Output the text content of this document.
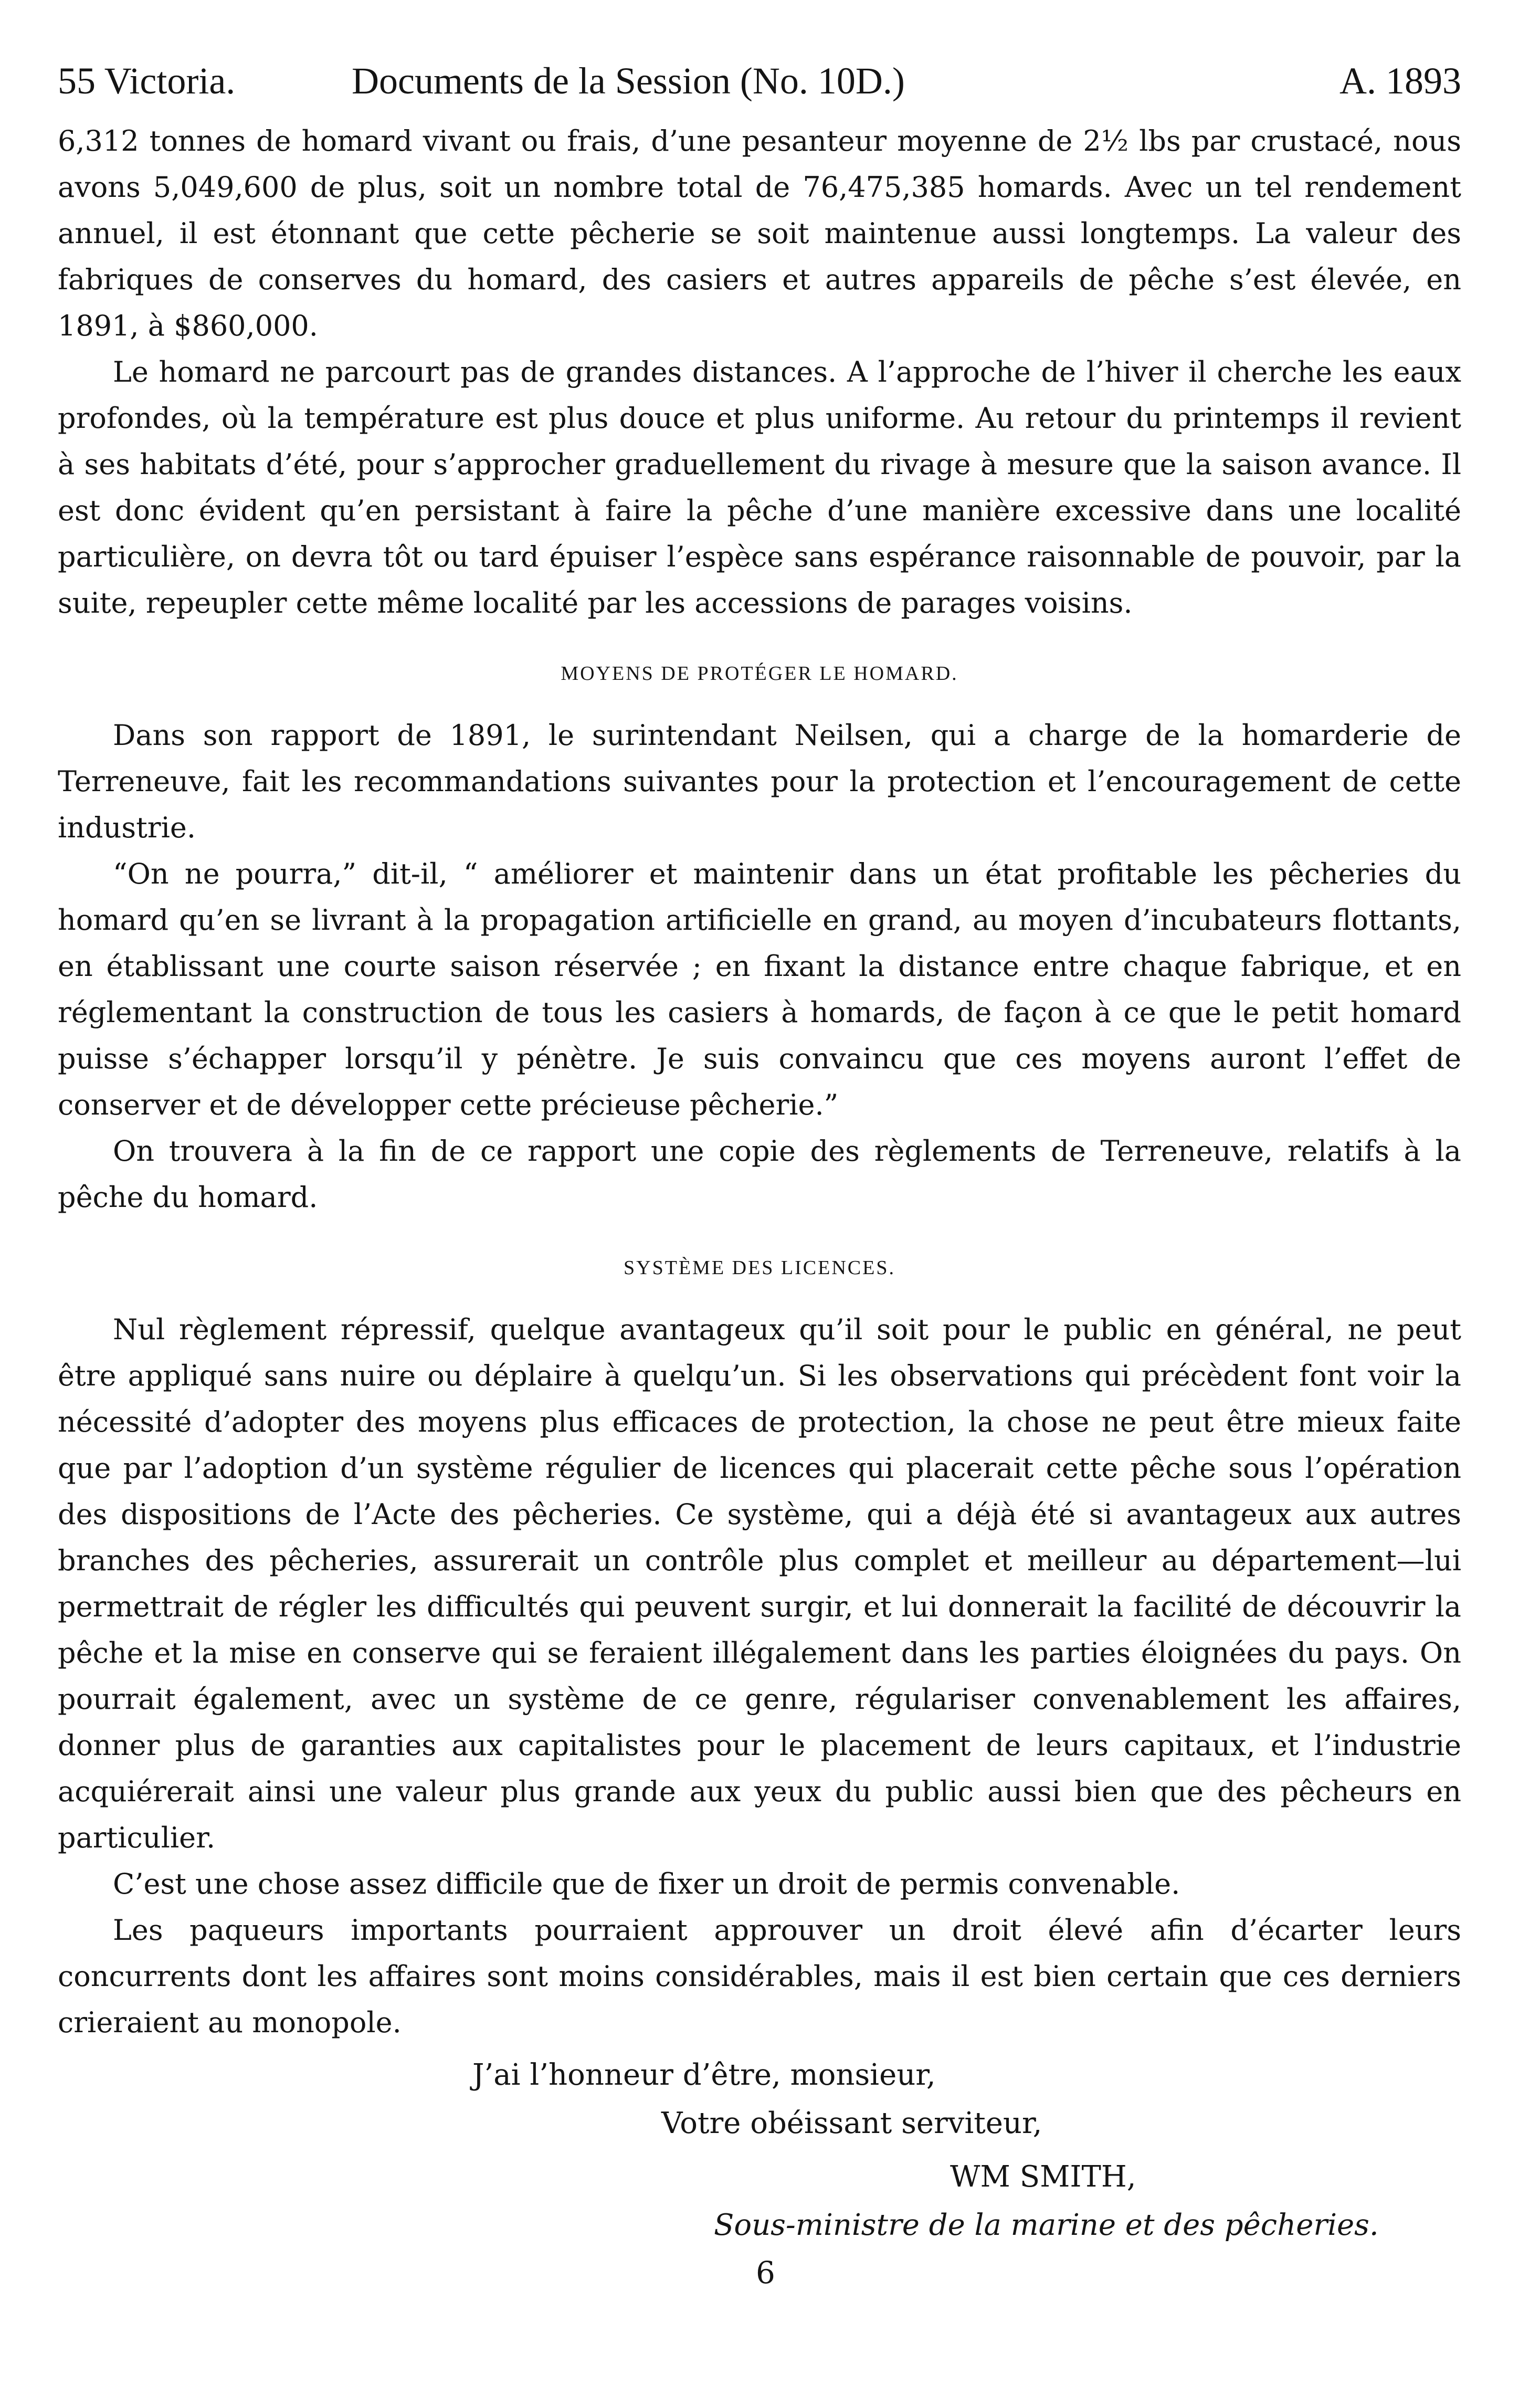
55 Victoria.	Documents de la Session (No. 10D.)	A. 1893

6,312 tonnes de homard vivant ou frais, d’une pesanteur moyenne de 2½ lbs par crustacé, nous avons 5,049,600 de plus, soit un nombre total de 76,475,385 homards. Avec un tel rendement annuel, il est étonnant que cette pêcherie se soit maintenue aussi longtemps. La valeur des fabriques de conserves du homard, des casiers et autres appareils de pêche s’est élevée, en 1891, à $860,000.

Le homard ne parcourt pas de grandes distances. A l’approche de l’hiver il cherche les eaux profondes, où la température est plus douce et plus uniforme. Au retour du printemps il revient à ses habitats d’été, pour s’approcher graduellement du rivage à mesure que la saison avance. Il est donc évident qu’en persistant à faire la pêche d’une manière excessive dans une localité particulière, on devra tôt ou tard épuiser l’espèce sans espérance raisonnable de pouvoir, par la suite, repeupler cette même localité par les accessions de parages voisins.

MOYENS DE PROTÉGER LE HOMARD.

Dans son rapport de 1891, le surintendant Neilsen, qui a charge de la homarderie de Terreneuve, fait les recommandations suivantes pour la protection et l’encouragement de cette industrie.

“On ne pourra,” dit-il, “ améliorer et maintenir dans un état profitable les pêcheries du homard qu’en se livrant à la propagation artificielle en grand, au moyen d’incubateurs flottants, en établissant une courte saison réservée ; en fixant la distance entre chaque fabrique, et en réglementant la construction de tous les casiers à homards, de façon à ce que le petit homard puisse s’échapper lorsqu’il y pénètre. Je suis convaincu que ces moyens auront l’effet de conserver et de développer cette précieuse pêcherie.”

On trouvera à la fin de ce rapport une copie des règlements de Terreneuve, relatifs à la pêche du homard.

SYSTÈME DES LICENCES.

Nul règlement répressif, quelque avantageux qu’il soit pour le public en général, ne peut être appliqué sans nuire ou déplaire à quelqu’un. Si les observations qui précèdent font voir la nécessité d’adopter des moyens plus efficaces de protection, la chose ne peut être mieux faite que par l’adoption d’un système régulier de licences qui placerait cette pêche sous l’opération des dispositions de l’Acte des pêcheries. Ce système, qui a déjà été si avantageux aux autres branches des pêcheries, assurerait un contrôle plus complet et meilleur au département—lui permettrait de régler les difficultés qui peuvent surgir, et lui donnerait la facilité de découvrir la pêche et la mise en conserve qui se feraient illégalement dans les parties éloignées du pays. On pourrait également, avec un système de ce genre, régulariser convenablement les affaires, donner plus de garanties aux capitalistes pour le placement de leurs capitaux, et l’industrie acquiérerait ainsi une valeur plus grande aux yeux du public aussi bien que des pêcheurs en particulier.

C’est une chose assez difficile que de fixer un droit de permis convenable.

Les paqueurs importants pourraient approuver un droit élevé afin d’écarter leurs concurrents dont les affaires sont moins considérables, mais il est bien certain que ces derniers crieraient au monopole.

J’ai l’honneur d’être, monsieur,
Votre obéissant serviteur,
WM SMITH,
Sous-ministre de la marine et des pêcheries.
6
